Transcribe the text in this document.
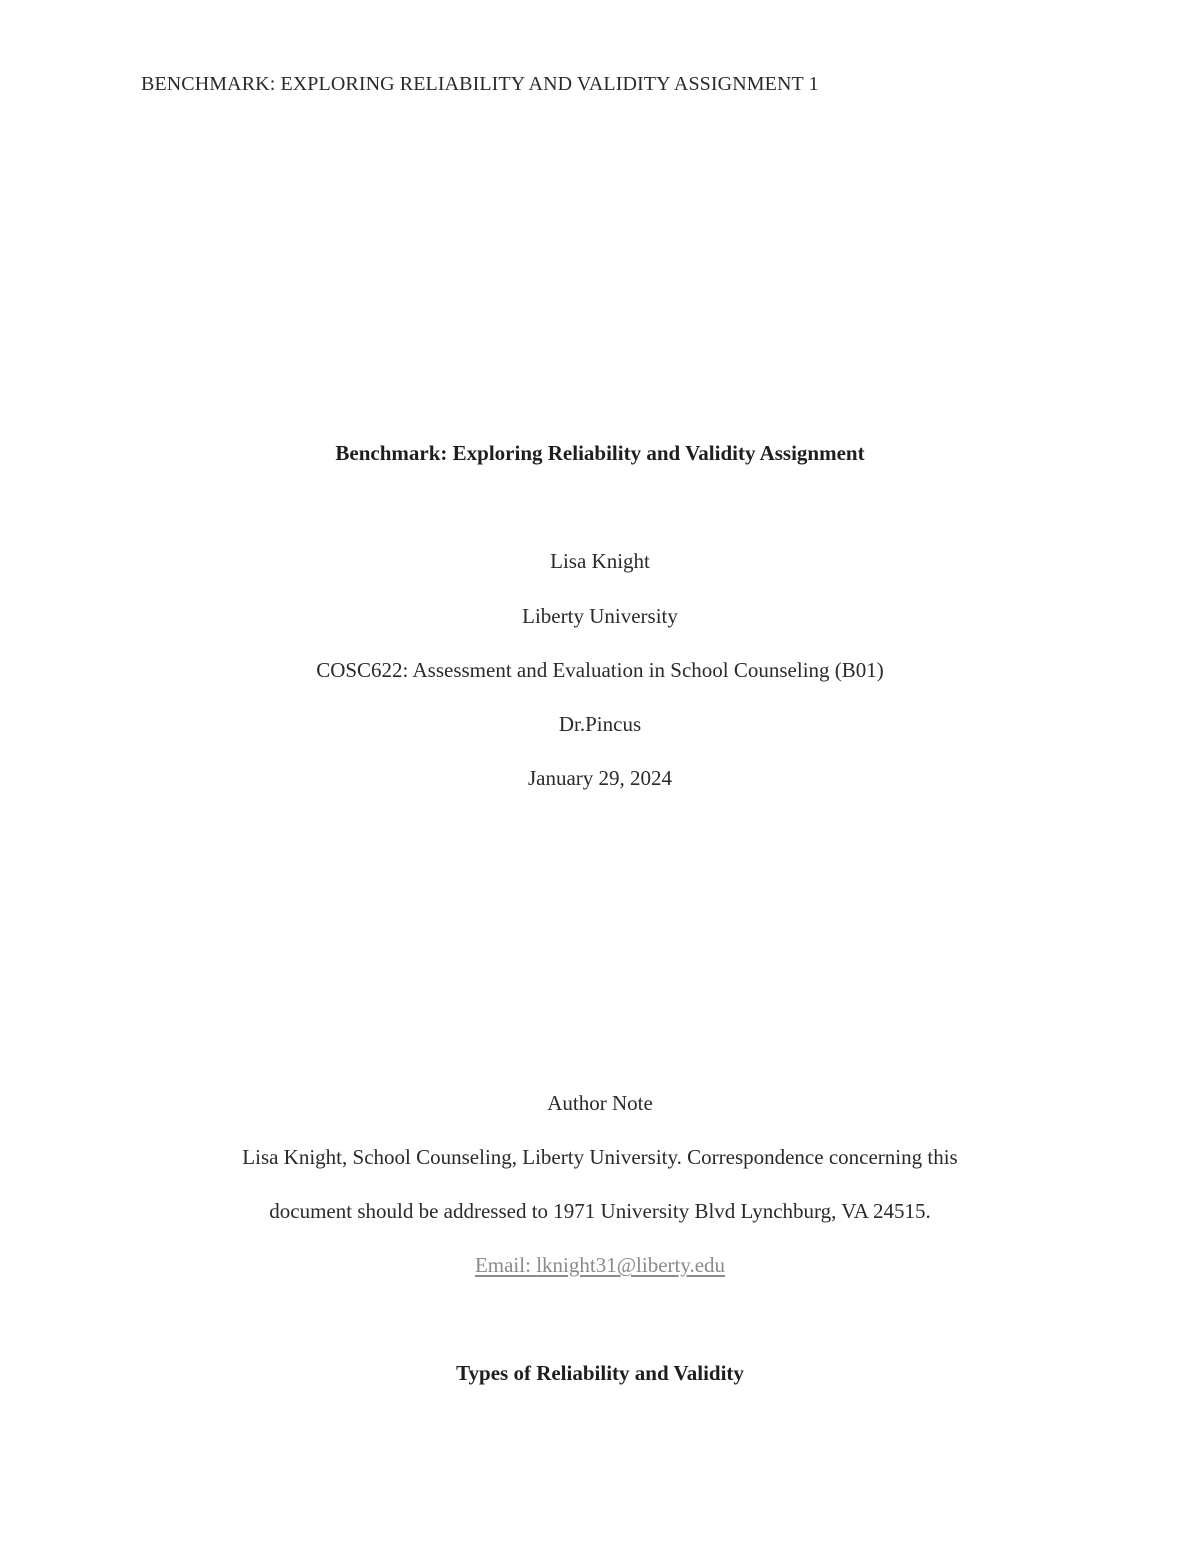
BENCHMARK: EXPLORING RELIABILITY AND VALIDITY ASSIGNMENT 1
Benchmark: Exploring Reliability and Validity Assignment
Lisa Knight
Liberty University
COSC622: Assessment and Evaluation in School Counseling (B01)
Dr.Pincus
January 29, 2024
Author Note
Lisa Knight, School Counseling, Liberty University. Correspondence concerning this
document should be addressed to 1971 University Blvd Lynchburg, VA 24515.
Email: lknight31@liberty.edu
Types of Reliability and Validity
